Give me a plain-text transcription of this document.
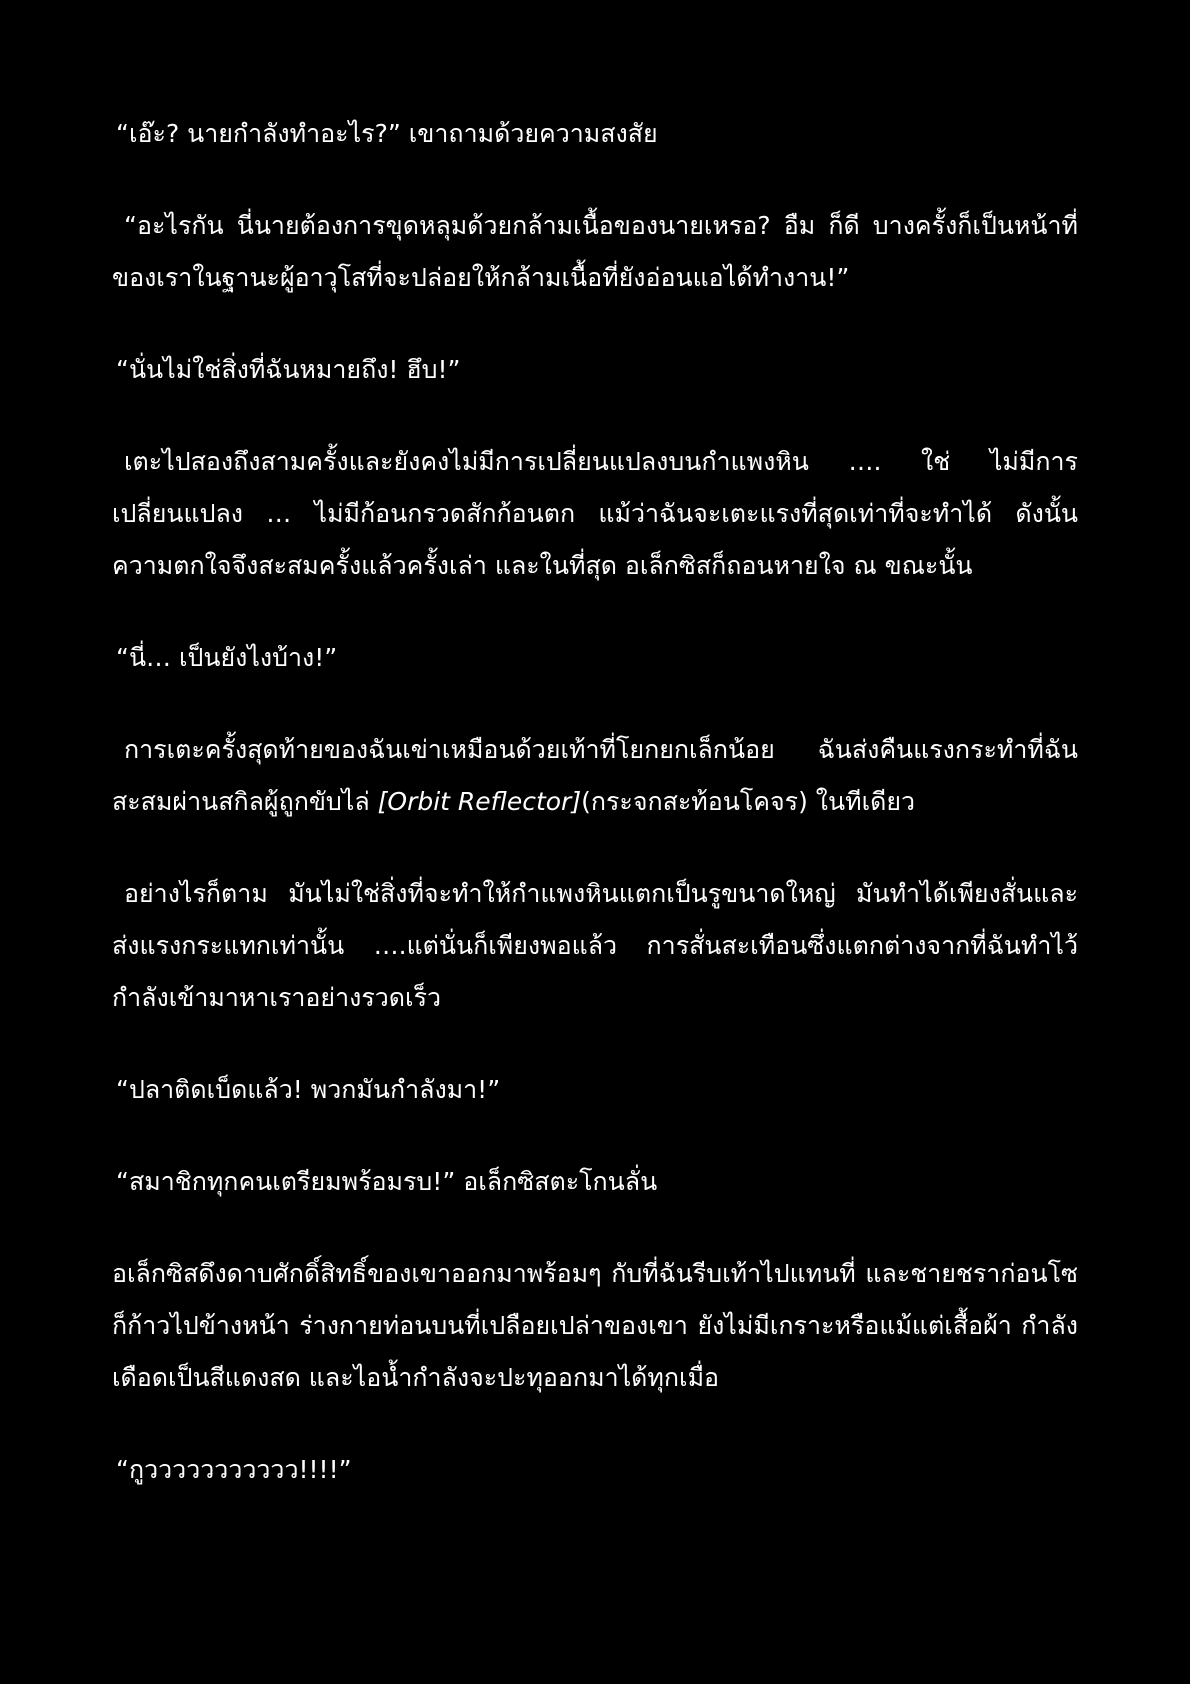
“เอ๊ะ? นายกำลังทำอะไร?” เขาถามด้วยความสงสัย

“อะไรกัน นี่นายต้องการขุดหลุมด้วยกล้ามเนื้อของนายเหรอ? อืม ก็ดี บางครั้งก็เป็นหน้าที่ของเราในฐานะผู้อาวุโสที่จะปล่อยให้กล้ามเนื้อที่ยังอ่อนแอได้ทำงาน!”

“นั่นไม่ใช่สิ่งที่ฉันหมายถึง! ฮึบ!”

เตะไปสองถึงสามครั้งและยังคงไม่มีการเปลี่ยนแปลงบนกำแพงหิน …. ใช่ ไม่มีการเปลี่ยนแปลง … ไม่มีก้อนกรวดสักก้อนตก แม้ว่าฉันจะเตะแรงที่สุดเท่าที่จะทำได้ ดังนั้น ความตกใจจึงสะสมครั้งแล้วครั้งเล่า และในที่สุด อเล็กซิสก็ถอนหายใจ ณ ขณะนั้น

“นี่… เป็นยังไงบ้าง!”

การเตะครั้งสุดท้ายของฉันเข่าเหมือนด้วยเท้าที่โยกยกเล็กน้อย ฉันส่งคืนแรงกระทำที่ฉันสะสมผ่านสกิลผู้ถูกขับไล่ [Orbit Reflector](กระจกสะท้อนโคจร) ในทีเดียว

อย่างไรก็ตาม มันไม่ใช่สิ่งที่จะทำให้กำแพงหินแตกเป็นรูขนาดใหญ่ มันทำได้เพียงสั่นและส่งแรงกระแทกเท่านั้น ….แต่นั่นก็เพียงพอแล้ว การสั่นสะเทือนซึ่งแตกต่างจากที่ฉันทำไว้กำลังเข้ามาหาเราอย่างรวดเร็ว

“ปลาติดเบ็ดแล้ว! พวกมันกำลังมา!”

“สมาชิกทุกคนเตรียมพร้อมรบ!” อเล็กซิสตะโกนลั่น

อเล็กซิสดึงดาบศักดิ์สิทธิ์ของเขาออกมาพร้อมๆ กับที่ฉันรีบเท้าไปแทนที่ และชายชราก่อนโซก็ก้าวไปข้างหน้า ร่างกายท่อนบนที่เปลือยเปล่าของเขา ยังไม่มีเกราะหรือแม้แต่เสื้อผ้า กำลังเดือดเป็นสีแดงสด และไอน้ำกำลังจะปะทุออกมาได้ทุกเมื่อ

“กูววววววววววว!!!!”
